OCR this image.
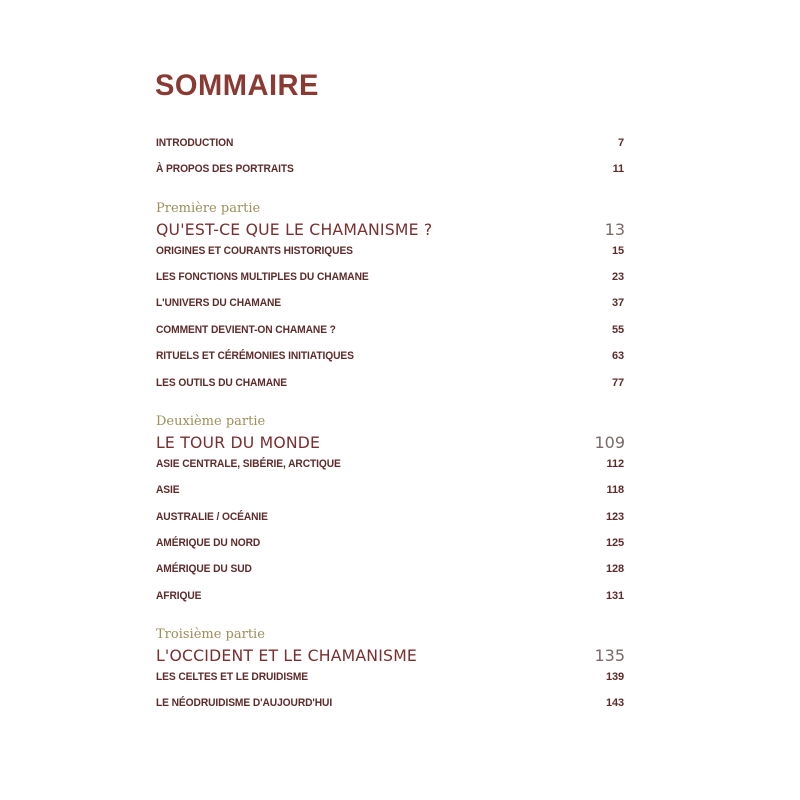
SOMMAIRE
INTRODUCTION	7
À PROPOS DES PORTRAITS	11
Première partie
QU'EST-CE QUE LE CHAMANISME ?	13
ORIGINES ET COURANTS HISTORIQUES	15
LES FONCTIONS MULTIPLES DU CHAMANE	23
L'UNIVERS DU CHAMANE	37
COMMENT DEVIENT-ON CHAMANE ?	55
RITUELS ET CÉRÉMONIES INITIATIQUES	63
LES OUTILS DU CHAMANE	77
Deuxième partie
LE TOUR DU MONDE	109
ASIE CENTRALE, SIBÉRIE, ARCTIQUE	112
ASIE	118
AUSTRALIE / OCÉANIE	123
AMÉRIQUE DU NORD	125
AMÉRIQUE DU SUD	128
AFRIQUE	131
Troisième partie
L'OCCIDENT ET LE CHAMANISME	135
LES CELTES ET LE DRUIDISME	139
LE NÉODRUIDISME D'AUJOURD'HUI	143
